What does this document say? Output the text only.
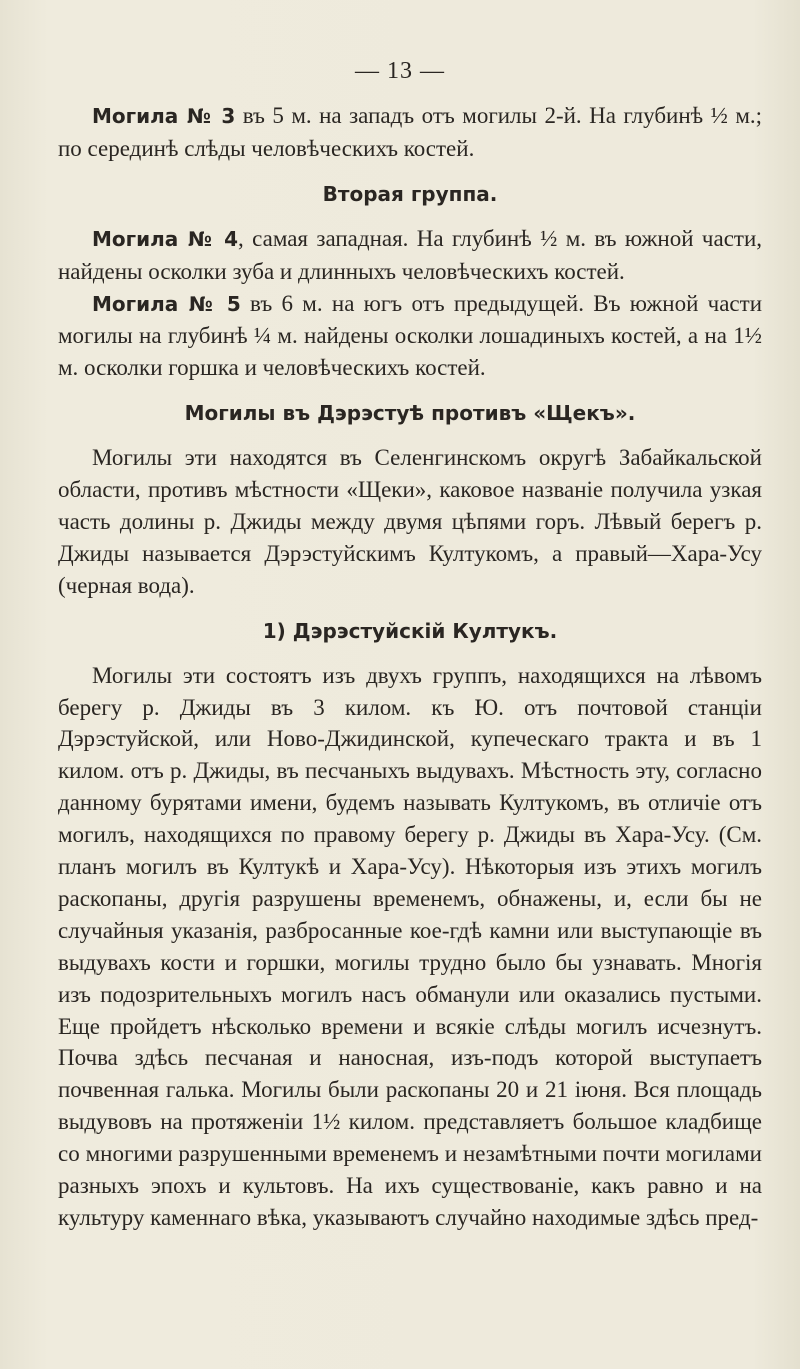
— 13 —

Могила № 3 въ 5 м. на западъ отъ могилы 2-й. На глубинѣ ½ м.; по серединѣ слѣды человѣческихъ костей.

Вторая группа.

Могила № 4, самая западная. На глубинѣ ½ м. въ южной части, найдены осколки зуба и длинныхъ человѣческихъ костей.

Могила № 5 въ 6 м. на югъ отъ предыдущей. Въ южной части могилы на глубинѣ ¼ м. найдены осколки лошадиныхъ костей, а на 1½ м. осколки горшка и человѣческихъ костей.

Могилы въ Дэрэстуѣ противъ «Щекъ».

Могилы эти находятся въ Селенгинскомъ округѣ Забайкальской области, противъ мѣстности «Щеки», каковое названіе получила узкая часть долины р. Джиды между двумя цѣпями горъ. Лѣвый берегъ р. Джиды называется Дэрэстуйскимъ Култукомъ, а правый—Хара-Усу (черная вода).

1) Дэрэстуйскій Култукъ.

Могилы эти состоятъ изъ двухъ группъ, находящихся на лѣвомъ берегу р. Джиды въ 3 килом. къ Ю. отъ почтовой станціи Дэрэстуйской, или Ново-Джидинской, купеческаго тракта и въ 1 килом. отъ р. Джиды, въ песчаныхъ выдувахъ. Мѣстность эту, согласно данному бурятами имени, будемъ называть Култукомъ, въ отличіе отъ могилъ, находящихся по правому берегу р. Джиды въ Хара-Усу. (См. планъ могилъ въ Култукѣ и Хара-Усу). Нѣкоторыя изъ этихъ могилъ раскопаны, другія разрушены временемъ, обнажены, и, если бы не случайныя указанія, разбросанные кое-гдѣ камни или выступающіе въ выдувахъ кости и горшки, могилы трудно было бы узнавать. Многія изъ подозрительныхъ могилъ насъ обманули или оказались пустыми. Еще пройдетъ нѣсколько времени и всякіе слѣды могилъ исчезнутъ. Почва здѣсь песчаная и наносная, изъ-подъ которой выступаетъ почвенная галька. Могилы были раскопаны 20 и 21 іюня. Вся площадь выдувовъ на протяженіи 1½ килом. представляетъ большое кладбище со многими разрушенными временемъ и незамѣтными почти могилами разныхъ эпохъ и культовъ. На ихъ существованіе, какъ равно и на культуру каменнаго вѣка, указываютъ случайно находимые здѣсь пред-
